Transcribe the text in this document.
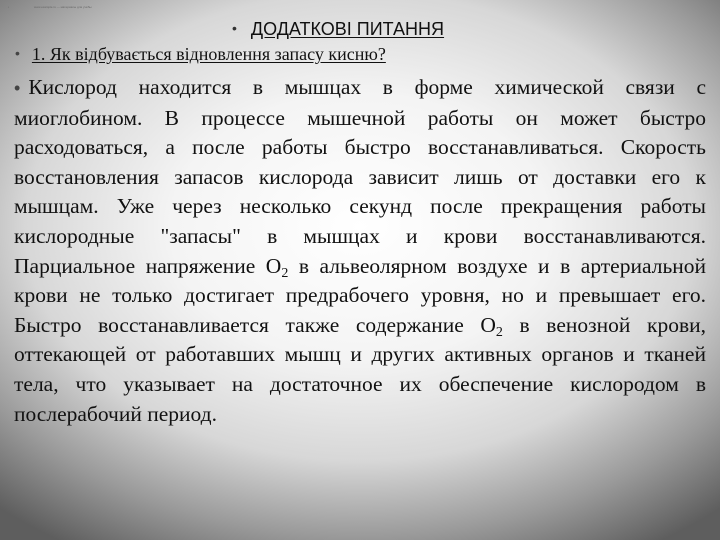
•	www.example.ru — материалы для учёбы
• ДОДАТКОВІ ПИТАННЯ
• 1. Як відбувається відновлення запасу кисню?

• Кислород находится в мышцах в форме химической связи с миоглобином. В процессе мышечной работы он может быстро расходоваться, а после работы быстро восстанавливаться. Скорость восстановления запасов кислорода зависит лишь от доставки его к мышцам. Уже через несколько секунд после прекращения работы кислородные "запасы" в мышцах и крови восстанавливаются. Парциальное напряжение $O_2$ в альвеолярном воздухе и в артериальной крови не только достигает предрабочего уровня, но и превышает его. Быстро восстанавливается также содержание $O_2$ в венозной крови, оттекающей от работавших мышц и других активных органов и тканей тела, что указывает на достаточное их обеспечение кислородом в послерабочий период.
